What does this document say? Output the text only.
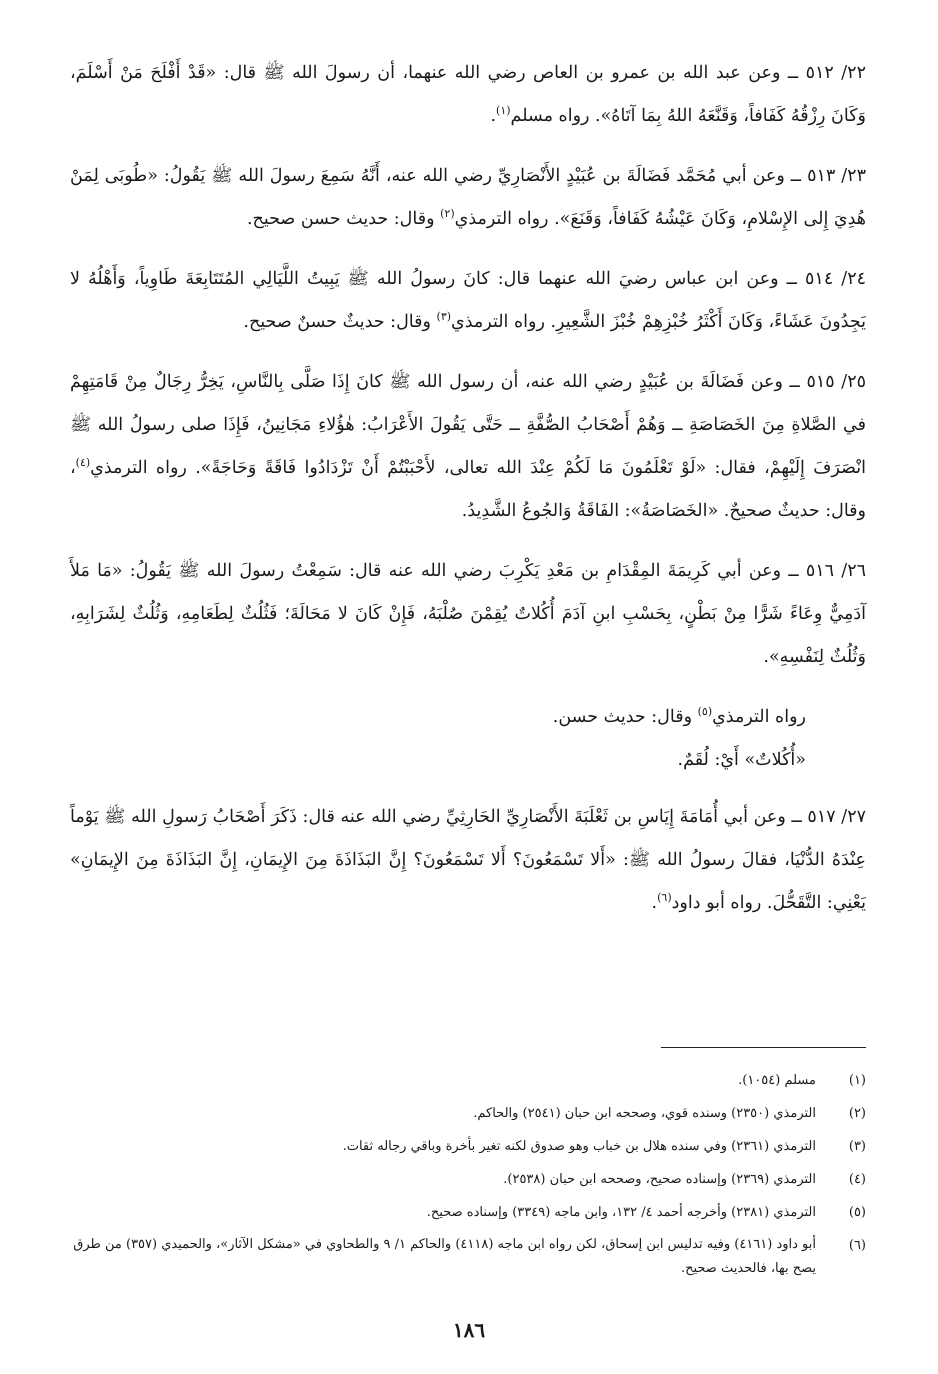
٢٢/ ٥١٢ ــ وعن عبد الله بن عمرو بن العاص رضي الله عنهما، أن رسولَ الله ﷺ قال: «قَدْ أَفْلَحَ مَنْ أَسْلَمَ، وَكَانَ رِزْقُهُ كَفَافاً، وَقَنَّعَهُ اللهُ بِمَا آتَاهُ». رواه مسلم$^{(١)}$.

٢٣/ ٥١٣ ــ وعن أبي مُحَمَّد فَضَالَةَ بن عُبَيْدٍ الأَنْصَارِيِّ رضي الله عنه، أَنَّهُ سَمِعَ رسولَ الله ﷺ يَقُولُ: «طُوبَى لِمَنْ هُدِيَ إِلى الإِسْلامِ، وَكَانَ عَيْشُهُ كَفَافاً، وَقَنَعَ». رواه الترمذي$^{(٢)}$ وقال: حديث حسن صحيح.

٢٤/ ٥١٤ ــ وعن ابن عباس رضيَ الله عنهما قال: كانَ رسولُ الله ﷺ يَبِيتُ اللَّيَالِي المُتَتَابِعَةَ طَاوِياً، وَأَهْلُهُ لا يَجِدُونَ عَشَاءً، وَكَانَ أَكْثَرُ خُبْزِهِمْ خُبْزَ الشَّعِيرِ. رواه الترمذي$^{(٣)}$ وقال: حديثٌ حسنٌ صحيح.

٢٥/ ٥١٥ ــ وعن فَضَالَةَ بن عُبَيْدٍ رضي الله عنه، أن رسول الله ﷺ كانَ إِذَا صَلَّى بِالنَّاسِ، يَخِرُّ رِجَالٌ مِنْ قَامَتِهِمْ في الصَّلاةِ مِنَ الخَصَاصَةِ ــ وَهُمْ أَصْحَابُ الصُّفَّةِ ــ حَتَّى يَقُولَ الأَعْرَابُ: هٰؤُلاءِ مَجَانِينُ، فَإِذَا صلى رسولُ الله ﷺ انْصَرَفَ إِلَيْهِمْ، فقال: «لَوْ تَعْلَمُونَ مَا لَكُمْ عِنْدَ الله تعالى، لأَحْبَبْتُمْ أَنْ تَزْدَادُوا فَاقَةً وَحَاجَةً». رواه الترمذي$^{(٤)}$، وقال: حديثٌ صحيحٌ. «الخَصَاصَةُ»: الفَاقَةُ وَالجُوعُ الشَّدِيدُ.

٢٦/ ٥١٦ ــ وعن أبي كَرِيمَةَ المِقْدَامِ بن مَعْدِ يَكْرِبَ رضي الله عنه قال: سَمِعْتُ رسولَ الله ﷺ يَقُولُ: «مَا مَلأَ آدَمِيٌّ وِعَاءً شَرًّا مِنْ بَطْنٍ، بِحَسْبِ ابنِ آدَمَ أُكُلاتٌ يُقِمْنَ صُلْبَهُ، فَإِنْ كَانَ لا مَحَالَةَ؛ فَثُلُثٌ لِطَعَامِهِ، وَثُلُثٌ لِشَرَابِهِ، وَثُلُثٌ لِنَفْسِهِ».

رواه الترمذي$^{(٥)}$ وقال: حديث حسن.

«أُكُلاتٌ» أَيْ: لُقَمٌ.

٢٧/ ٥١٧ ــ وعن أبي أُمَامَةَ إِيَاسِ بن ثَعْلَبَةَ الأَنْصَارِيِّ الحَارِثِيِّ رضي الله عنه قال: ذَكَرَ أَصْحَابُ رَسولِ الله ﷺ يَوْماً عِنْدَهُ الدُّنْيَا، فقالَ رسولُ الله ﷺ: «أَلا تَسْمَعُونَ؟ أَلا تَسْمَعُونَ؟ إِنَّ البَذَاذَةَ مِنَ الإِيمَانِ، إِنَّ البَذَاذَةَ مِنَ الإِيمَانِ» يَعْنِي: التَّقَحُّلَ. رواه أبو داود$^{(٦)}$.

(١)
مسلم (١٠٥٤).
(٢)
الترمذي (٢٣٥٠) وسنده قوي، وصححه ابن حبان (٢٥٤١) والحاكم.
(٣)
الترمذي (٢٣٦١) وفي سنده هلال بن خباب وهو صدوق لكنه تغير بأخرة وباقي رجاله ثقات.
(٤)
الترمذي (٢٣٦٩) وإسناده صحيح، وصححه ابن حبان (٢٥٣٨).
(٥)
الترمذي (٢٣٨١) وأخرجه أحمد ٤/ ١٣٢، وابن ماجه (٣٣٤٩) وإسناده صحيح.
(٦)
أبو داود (٤١٦١) وفيه تدليس ابن إسحاق، لكن رواه ابن ماجه (٤١١٨) والحاكم ١/ ٩ والطحاوي في «مشكل الآثار»، والحميدي (٣٥٧) من طرق يصح بها، فالحديث صحيح.
١٨٦
